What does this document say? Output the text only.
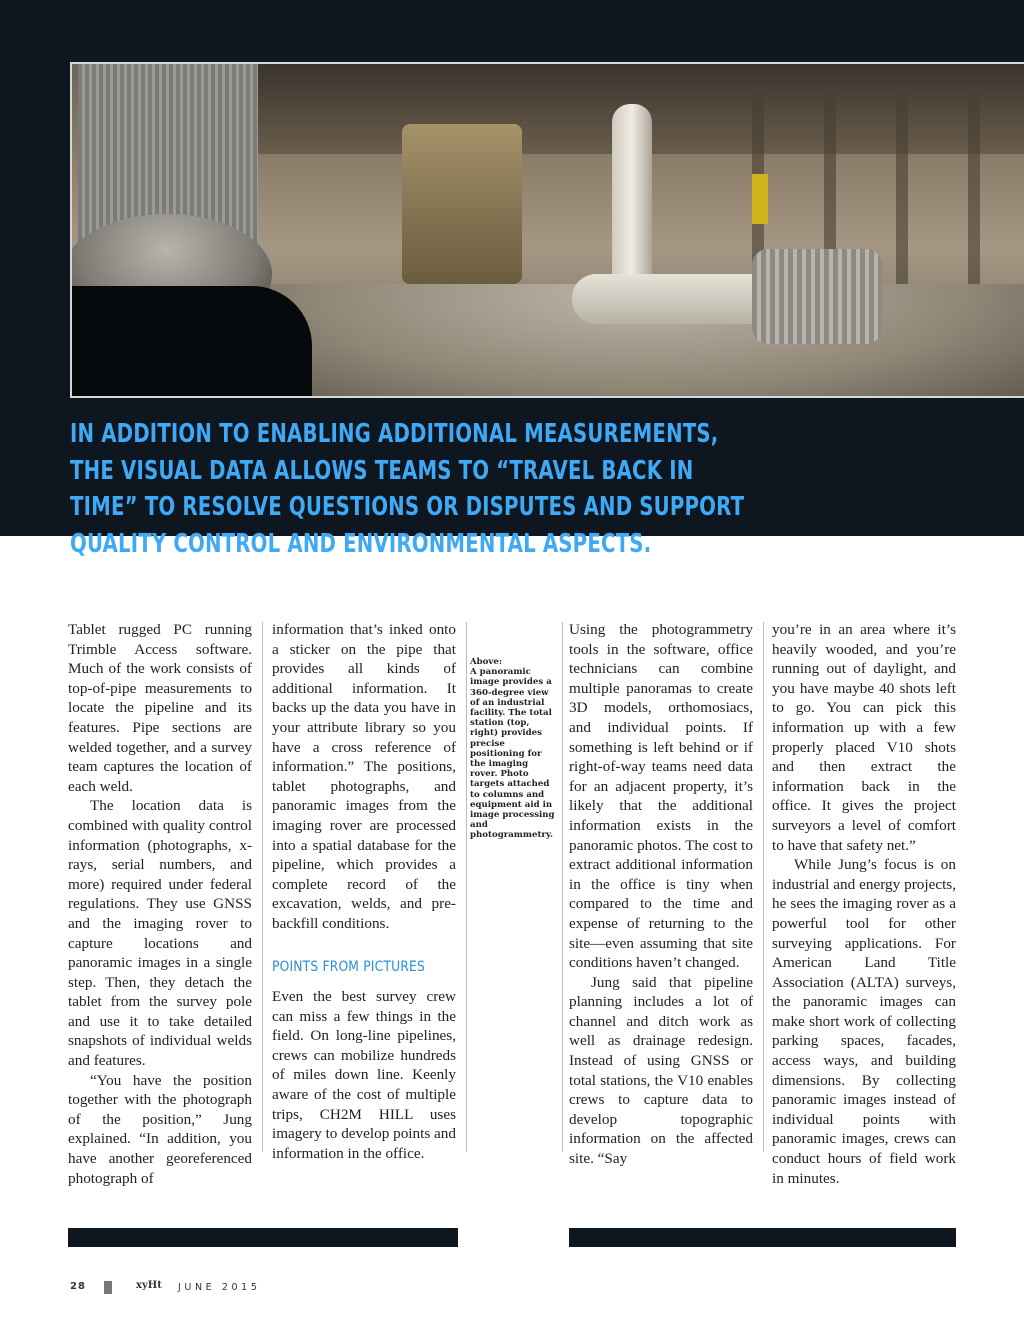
IN ADDITION TO ENABLING ADDITIONAL MEASUREMENTS, THE VISUAL DATA ALLOWS TEAMS TO “TRAVEL BACK IN TIME” TO RESOLVE QUESTIONS OR DISPUTES AND SUPPORT QUALITY CONTROL AND ENVIRONMENTAL ASPECTS.

Tablet rugged PC running Trimble Access software. Much of the work consists of top-of-pipe measurements to locate the pipeline and its features. Pipe sections are welded together, and a survey team captures the location of each weld.

The location data is combined with quality control information (photographs, x-rays, serial numbers, and more) required under federal regulations. They use GNSS and the imaging rover to capture locations and panoramic images in a single step. Then, they detach the tablet from the survey pole and use it to take detailed snapshots of individual welds and features.

“You have the position together with the photograph of the position,” Jung explained. “In addition, you have another georeferenced photograph of

information that’s inked onto a sticker on the pipe that provides all kinds of additional information. It backs up the data you have in your attribute library so you have a cross reference of information.” The positions, tablet photographs, and panoramic images from the imaging rover are processed into a spatial database for the pipeline, which provides a complete record of the excavation, welds, and pre-backfill conditions.

POINTS FROM PICTURES

Even the best survey crew can miss a few things in the field. On long-line pipelines, crews can mobilize hundreds of miles down line. Keenly aware of the cost of multiple trips, CH2M HILL uses imagery to develop points and information in the office.

Above:
A panoramic image provides a 360-degree view of an industrial facility. The total station (top, right) provides precise positioning for the imaging rover. Photo targets attached to columns and equipment aid in image processing and photogrammetry.

Using the photogrammetry tools in the software, office technicians can combine multiple panoramas to create 3D models, orthomosiacs, and individual points. If something is left behind or if right-of-way teams need data for an adjacent property, it’s likely that the additional information exists in the panoramic photos. The cost to extract additional information in the office is tiny when compared to the time and expense of returning to the site—even assuming that site conditions haven’t changed.

Jung said that pipeline planning includes a lot of channel and ditch work as well as drainage redesign. Instead of using GNSS or total stations, the V10 enables crews to capture data to develop topographic information on the affected site. “Say

you’re in an area where it’s heavily wooded, and you’re running out of daylight, and you have maybe 40 shots left to go. You can pick this information up with a few properly placed V10 shots and then extract the information back in the office. It gives the project surveyors a level of comfort to have that safety net.”

While Jung’s focus is on industrial and energy projects, he sees the imaging rover as a powerful tool for other surveying applications. For American Land Title Association (ALTA) surveys, the panoramic images can make short work of collecting parking spaces, facades, access ways, and building dimensions. By collecting panoramic images instead of individual points with panoramic images, crews can conduct hours of field work in minutes.

28	xyHt JUNE 2015
